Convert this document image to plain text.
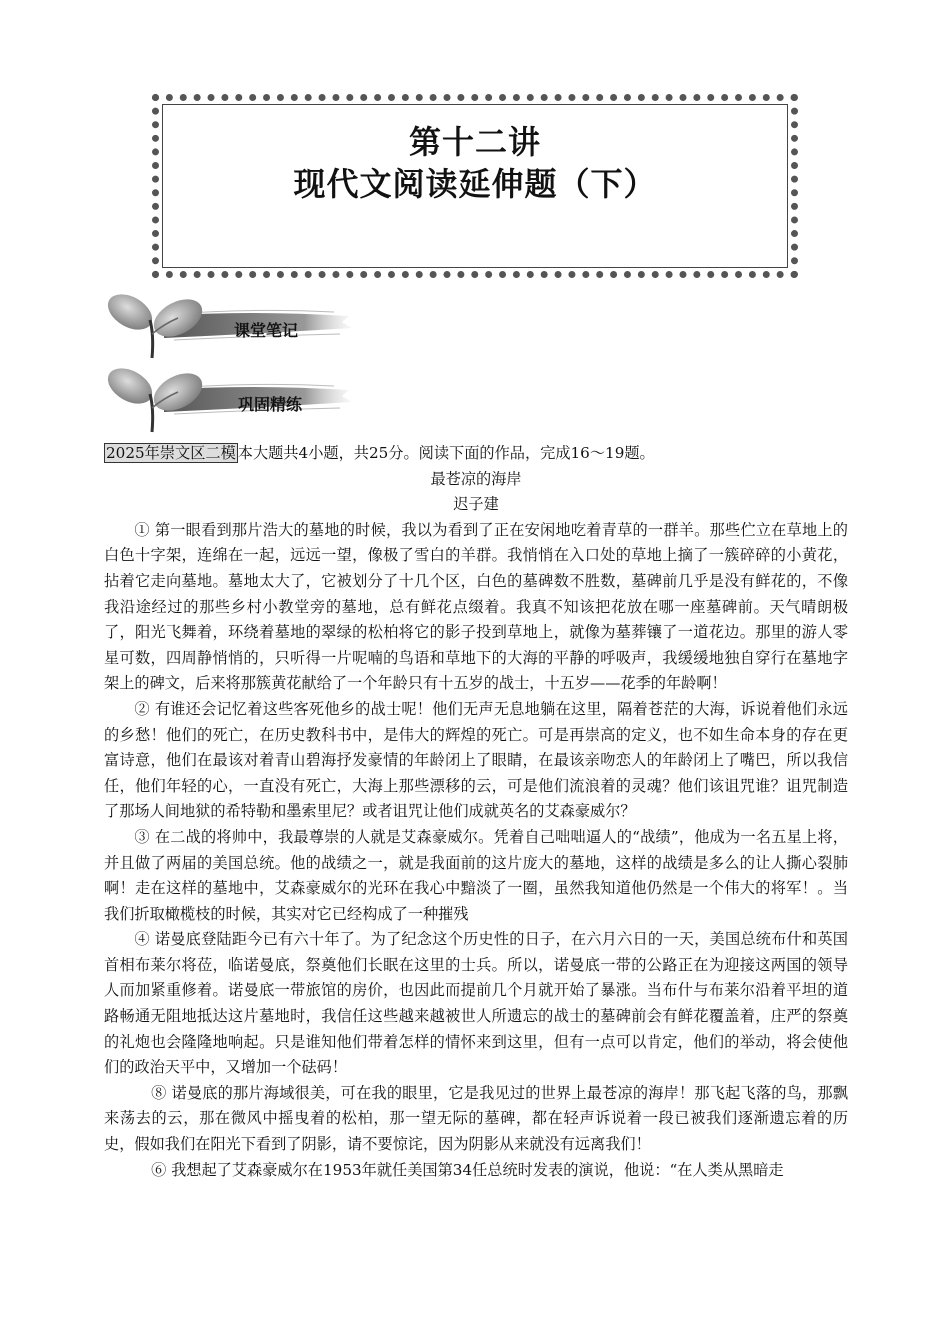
第十二讲
现代文阅读延伸题（下）
课堂笔记
巩固精练

2025年崇文区二模 本大题共4小题，共25分。阅读下面的作品，完成16～19题。

最苍凉的海岸

迟子建

① 第一眼看到那片浩大的墓地的时候，我以为看到了正在安闲地吃着青草的一群羊。那些伫立在草地上的白色十字架，连绵在一起，远远一望，像极了雪白的羊群。我悄悄在入口处的草地上摘了一簇碎碎的小黄花，拈着它走向墓地。墓地太大了，它被划分了十几个区，白色的墓碑数不胜数，墓碑前几乎是没有鲜花的，不像我沿途经过的那些乡村小教堂旁的墓地，总有鲜花点缀着。我真不知该把花放在哪一座墓碑前。天气晴朗极了，阳光飞舞着，环绕着墓地的翠绿的松柏将它的影子投到草地上，就像为墓葬镶了一道花边。那里的游人零星可数，四周静悄悄的，只听得一片呢喃的鸟语和草地下的大海的平静的呼吸声，我缓缓地独自穿行在墓地字架上的碑文，后来将那簇黄花献给了一个年龄只有十五岁的战士，十五岁——花季的年龄啊！

② 有谁还会记忆着这些客死他乡的战士呢！他们无声无息地躺在这里，隔着苍茫的大海，诉说着他们永远的乡愁！他们的死亡，在历史教科书中，是伟大的辉煌的死亡。可是再崇高的定义，也不如生命本身的存在更富诗意，他们在最该对着青山碧海抒发豪情的年龄闭上了眼睛，在最该亲吻恋人的年龄闭上了嘴巴，所以我信任，他们年轻的心，一直没有死亡，大海上那些漂移的云，可是他们流浪着的灵魂？他们该诅咒谁？诅咒制造了那场人间地狱的希特勒和墨索里尼？或者诅咒让他们成就英名的艾森豪威尔？

③ 在二战的将帅中，我最尊崇的人就是艾森豪威尔。凭着自己咄咄逼人的“战绩”，他成为一名五星上将，并且做了两届的美国总统。他的战绩之一，就是我面前的这片庞大的墓地，这样的战绩是多么的让人撕心裂肺啊！走在这样的墓地中，艾森豪威尔的光环在我心中黯淡了一圈，虽然我知道他仍然是一个伟大的将军！。当我们折取橄榄枝的时候，其实对它已经构成了一种摧残

④ 诺曼底登陆距今已有六十年了。为了纪念这个历史性的日子，在六月六日的一天，美国总统布什和英国首相布莱尔将莅，临诺曼底，祭奠他们长眠在这里的士兵。所以，诺曼底一带的公路正在为迎接这两国的领导人而加紧重修着。诺曼底一带旅馆的房价，也因此而提前几个月就开始了暴涨。当布什与布莱尔沿着平坦的道路畅通无阻地抵达这片墓地时，我信任这些越来越被世人所遗忘的战士的墓碑前会有鲜花覆盖着，庄严的祭奠的礼炮也会隆隆地响起。只是谁知他们带着怎样的情怀来到这里，但有一点可以肯定，他们的举动，将会使他们的政治天平中，又增加一个砝码！

⑧ 诺曼底的那片海域很美，可在我的眼里，它是我见过的世界上最苍凉的海岸！那飞起飞落的鸟，那飘来荡去的云，那在微风中摇曳着的松柏，那一望无际的墓碑，都在轻声诉说着一段已被我们逐渐遗忘着的历史，假如我们在阳光下看到了阴影，请不要惊诧，因为阴影从来就没有远离我们！

⑥ 我想起了艾森豪威尔在1953年就任美国第34任总统时发表的演说，他说：“在人类从黑暗走
